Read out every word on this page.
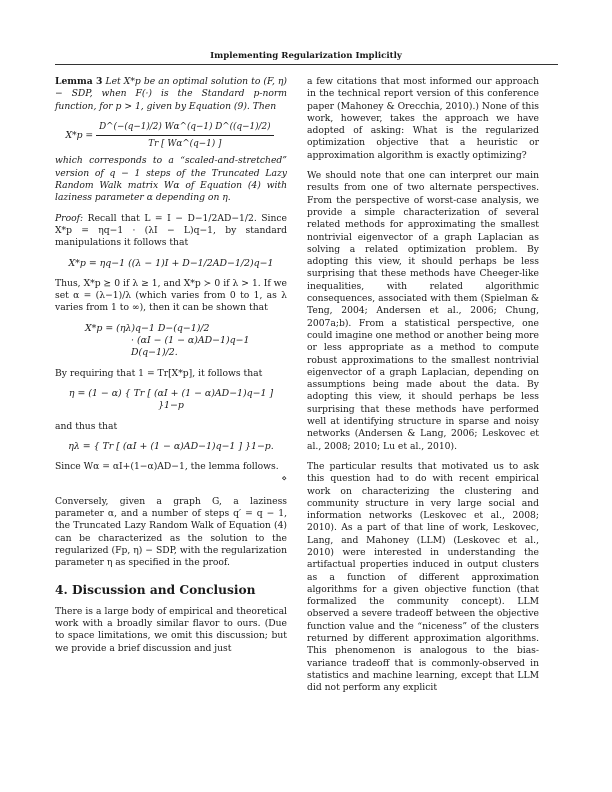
Implementing Regularization Implicitly

Lemma 3 Let X*p be an optimal solution to (F, η) − SDP, when F(·) is the Standard p-norm function, for p > 1, given by Equation (9). Then

$X*p = \frac{D\^{}(-(q-1)/2) W\alpha\^{}(q-1) D\^{}((q-1)/2)}{Tr [ W\alpha\^{}(q-1) ]}$

which corresponds to a “scaled-and-stretched” version of q − 1 steps of the Truncated Lazy Random Walk matrix Wα of Equation (4) with laziness parameter α depending on η.

Proof: Recall that L = I − D−1/2AD−1/2. Since X*p = ηq−1 · (λI − L)q−1, by standard manipulations it follows that

X*p = ηq−1 ((λ − 1)I + D−1/2AD−1/2)q−1

Thus, X*p ⪰ 0 if λ ≥ 1, and X*p ≻ 0 if λ > 1. If we set α = (λ−1)/λ (which varies from 0 to 1, as λ varies from 1 to ∞), then it can be shown that

X*p = (ηλ)q−1 D−(q−1)/2
· (αI − (1 − α)AD−1)q−1 D(q−1)/2.

By requiring that 1 = Tr[X*p], it follows that

η = (1 − α) { Tr [ (αI + (1 − α)AD−1)q−1 ] }1−p

and thus that

ηλ = { Tr [ (αI + (1 − α)AD−1)q−1 ] }1−p.

Since Wα = αI+(1−α)AD−1, the lemma follows.

⋄

Conversely, given a graph G, a laziness parameter α, and a number of steps q′ = q − 1, the Truncated Lazy Random Walk of Equation (4) can be characterized as the solution to the regularized (Fp, η) − SDP, with the regularization parameter η as specified in the proof.

4. Discussion and Conclusion

There is a large body of empirical and theoretical work with a broadly similar flavor to ours. (Due to space limitations, we omit this discussion; but we provide a brief discussion and just

a few citations that most informed our approach in the technical report version of this conference paper (Mahoney & Orecchia, 2010).) None of this work, however, takes the approach we have adopted of asking: What is the regularized optimization objective that a heuristic or approximation algorithm is exactly optimizing?

We should note that one can interpret our main results from one of two alternate perspectives. From the perspective of worst-case analysis, we provide a simple characterization of several related methods for approximating the smallest nontrivial eigenvector of a graph Laplacian as solving a related optimization problem. By adopting this view, it should perhaps be less surprising that these methods have Cheeger-like inequalities, with related algorithmic consequences, associated with them (Spielman & Teng, 2004; Andersen et al., 2006; Chung, 2007a;b). From a statistical perspective, one could imagine one method or another being more or less appropriate as a method to compute robust approximations to the smallest nontrivial eigenvector of a graph Laplacian, depending on assumptions being made about the data. By adopting this view, it should perhaps be less surprising that these methods have performed well at identifying structure in sparse and noisy networks (Andersen & Lang, 2006; Leskovec et al., 2008; 2010; Lu et al., 2010).

The particular results that motivated us to ask this question had to do with recent empirical work on characterizing the clustering and community structure in very large social and information networks (Leskovec et al., 2008; 2010). As a part of that line of work, Leskovec, Lang, and Mahoney (LLM) (Leskovec et al., 2010) were interested in understanding the artifactual properties induced in output clusters as a function of different approximation algorithms for a given objective function (that formalized the community concept). LLM observed a severe tradeoff between the objective function value and the “niceness” of the clusters returned by different approximation algorithms. This phenomenon is analogous to the bias-variance tradeoff that is commonly-observed in statistics and machine learning, except that LLM did not perform any explicit
